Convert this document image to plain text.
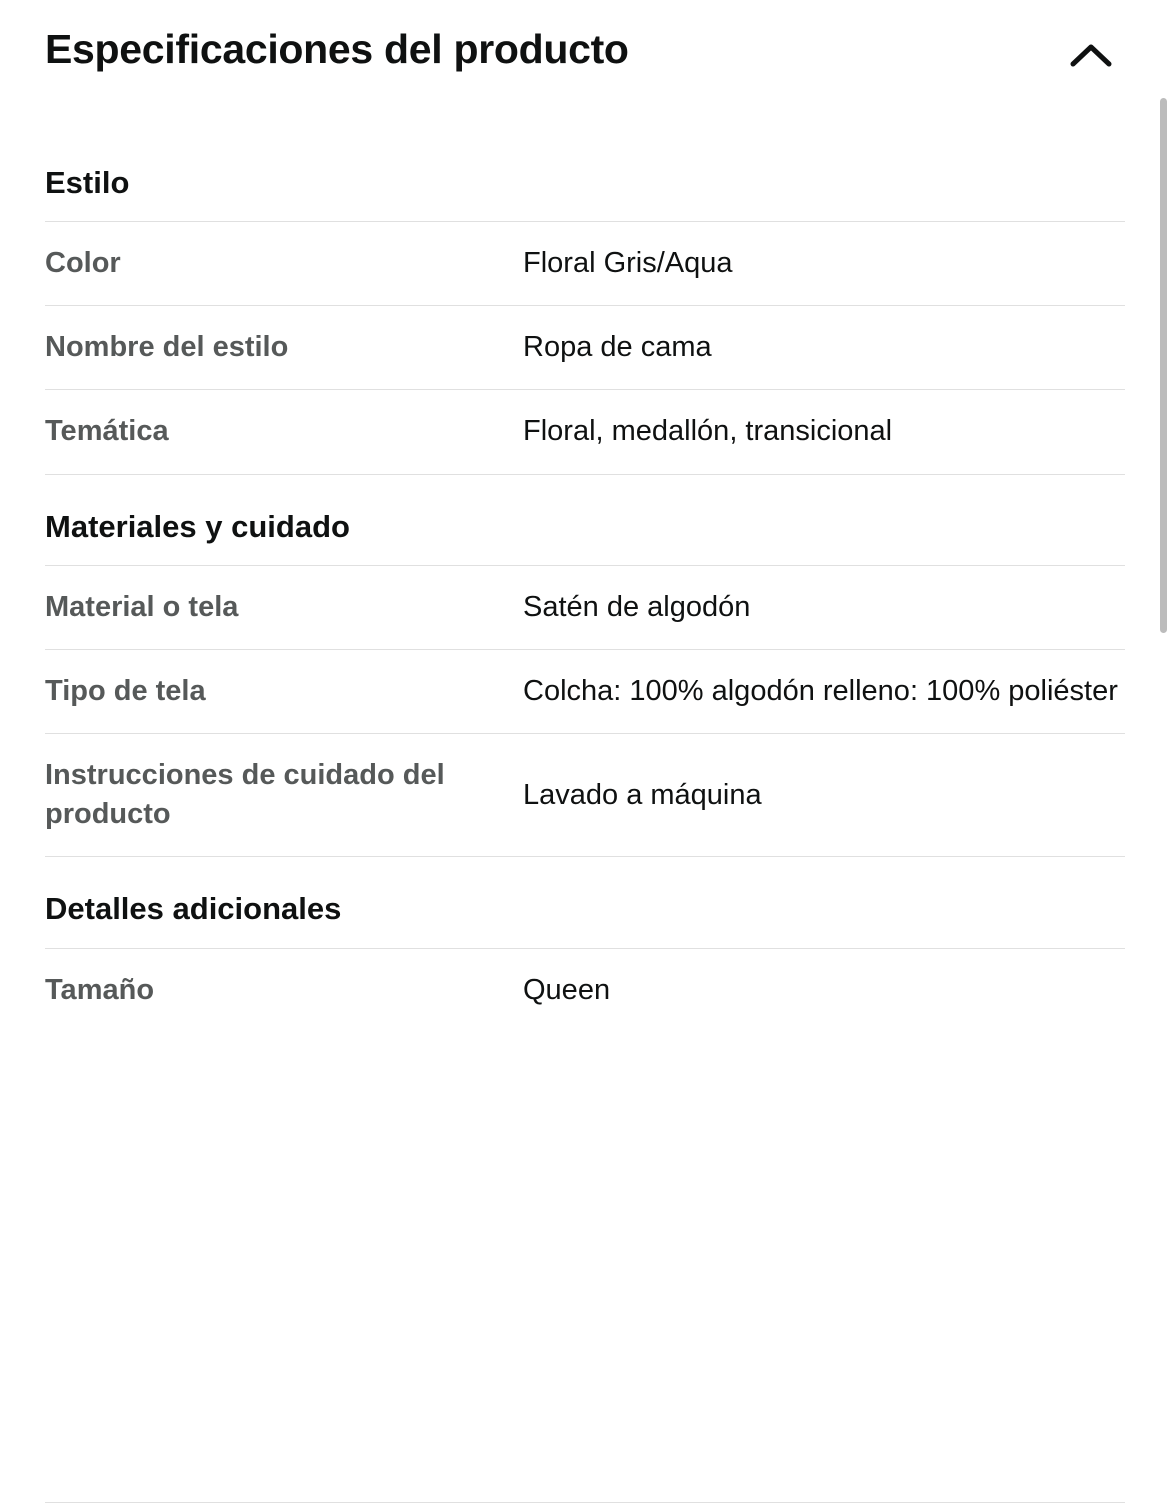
Especificaciones del producto
Estilo
Color	Floral Gris/Aqua
Nombre del estilo	Ropa de cama
Temática	Floral, medallón, transicional
Materiales y cuidado
Material o tela	Satén de algodón
Tipo de tela	Colcha: 100% algodón relleno: 100% poliéster
Instrucciones de cuidado del producto	Lavado a máquina
Detalles adicionales
Tamaño	Queen
